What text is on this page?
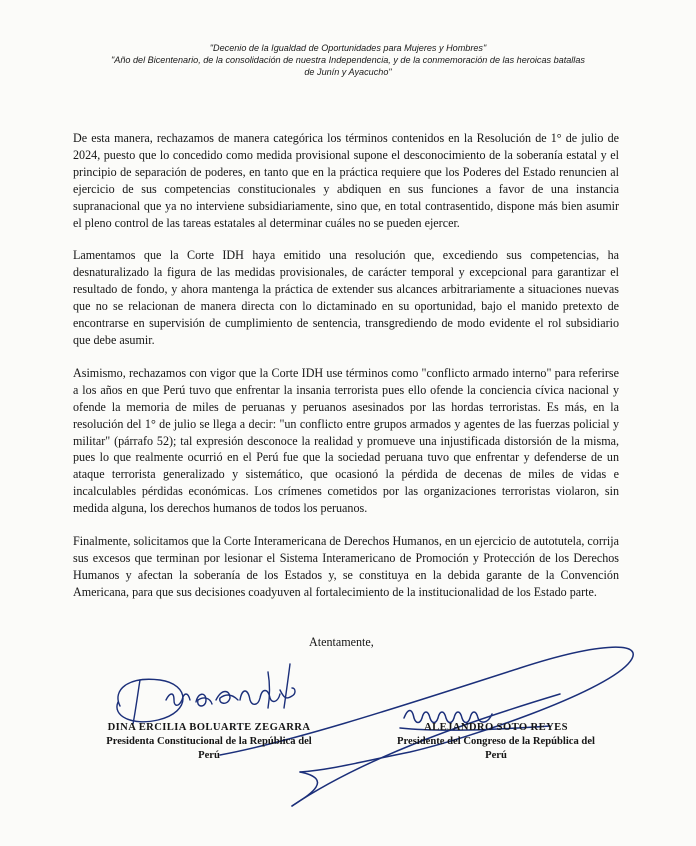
"Decenio de la Igualdad de Oportunidades para Mujeres y Hombres"
"Año del Bicentenario, de la consolidación de nuestra Independencia, y de la conmemoración de las heroicas batallas
de Junín y Ayacucho"

De esta manera, rechazamos de manera categórica los términos contenidos en la Resolución de 1° de julio de 2024, puesto que lo concedido como medida provisional supone el desconocimiento de la soberanía estatal y el principio de separación de poderes, en tanto que en la práctica requiere que los Poderes del Estado renuncien al ejercicio de sus competencias constitucionales y abdiquen en sus funciones a favor de una instancia supranacional que ya no interviene subsidiariamente, sino que, en total contrasentido, dispone más bien asumir el pleno control de las tareas estatales al determinar cuáles no se pueden ejercer.

Lamentamos que la Corte IDH haya emitido una resolución que, excediendo sus competencias, ha desnaturalizado la figura de las medidas provisionales, de carácter temporal y excepcional para garantizar el resultado de fondo, y ahora mantenga la práctica de extender sus alcances arbitrariamente a situaciones nuevas que no se relacionan de manera directa con lo dictaminado en su oportunidad, bajo el manido pretexto de encontrarse en supervisión de cumplimiento de sentencia, transgrediendo de modo evidente el rol subsidiario que debe asumir.

Asimismo, rechazamos con vigor que la Corte IDH use términos como "conflicto armado interno" para referirse a los años en que Perú tuvo que enfrentar la insania terrorista pues ello ofende la conciencia cívica nacional y ofende la memoria de miles de peruanas y peruanos asesinados por las hordas terroristas. Es más, en la resolución del 1° de julio se llega a decir: "un conflicto entre grupos armados y agentes de las fuerzas policial y militar" (párrafo 52); tal expresión desconoce la realidad y promueve una injustificada distorsión de la misma, pues lo que realmente ocurrió en el Perú fue que la sociedad peruana tuvo que enfrentar y defenderse de un ataque terrorista generalizado y sistemático, que ocasionó la pérdida de decenas de miles de vidas e incalculables pérdidas económicas. Los crímenes cometidos por las organizaciones terroristas violaron, sin medida alguna, los derechos humanos de todos los peruanos.

Finalmente, solicitamos que la Corte Interamericana de Derechos Humanos, en un ejercicio de autotutela, corrija sus excesos que terminan por lesionar el Sistema Interamericano de Promoción y Protección de los Derechos Humanos y afectan la soberanía de los Estados y, se constituya en la debida garante de la Convención Americana, para que sus decisiones coadyuven al fortalecimiento de la institucionalidad de los Estado parte.

Atentamente,
DINA ERCILIA BOLUARTE ZEGARRA
Presidenta Constitucional de la República del
Perú
ALEJANDRO SOTO REYES
Presidente del Congreso de la República del
Perú
